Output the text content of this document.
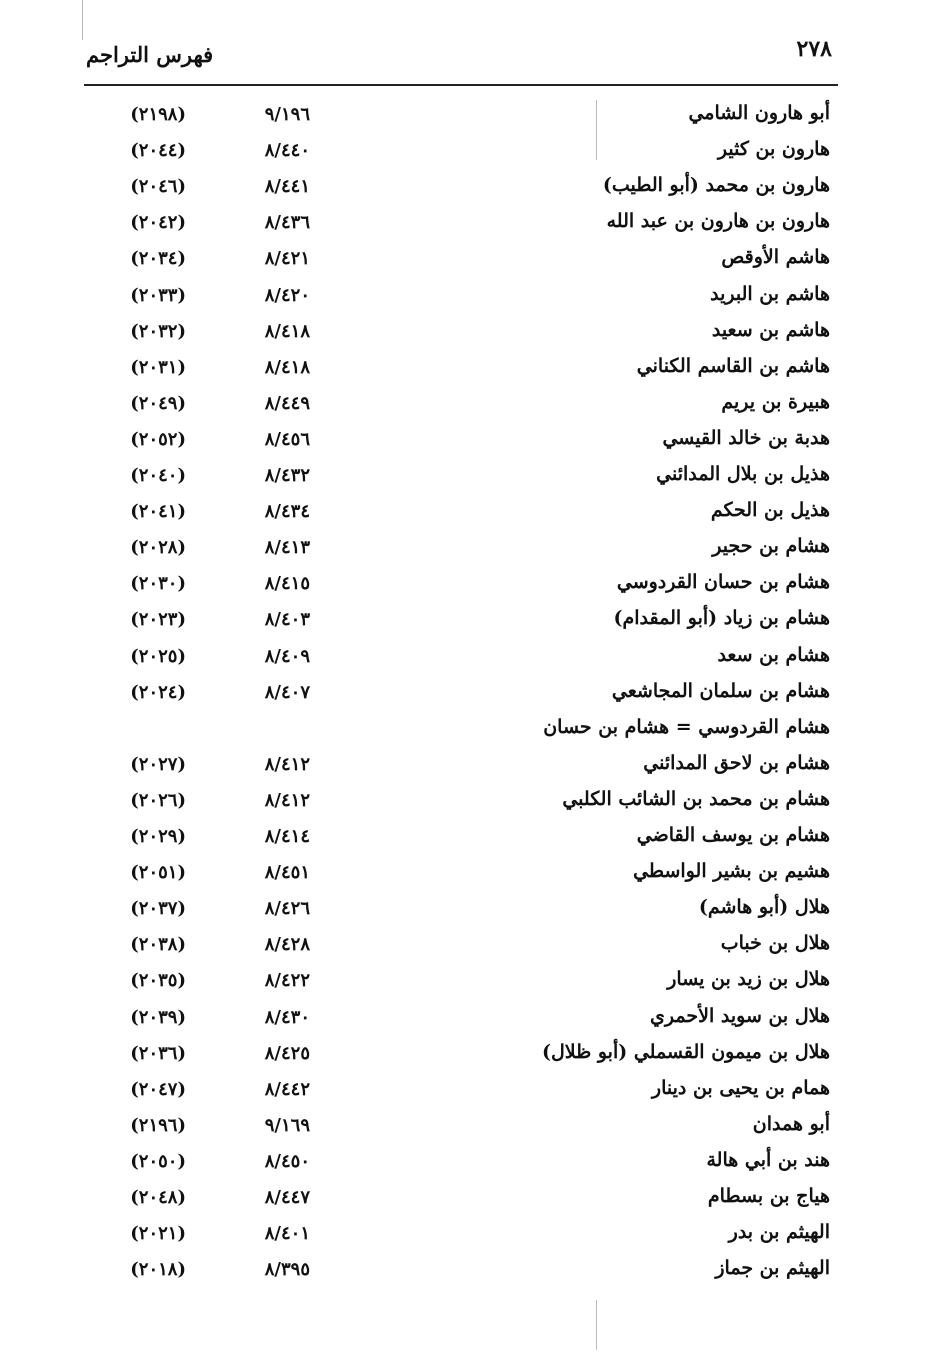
٢٧٨
فهرس التراجم
أبو هارون الشامي
٩/١٩٦
(٢١٩٨)
هارون بن كثير
٨/٤٤٠
(٢٠٤٤)
هارون بن محمد (أبو الطيب)
٨/٤٤١
(٢٠٤٦)
هارون بن هارون بن عبد الله
٨/٤٣٦
(٢٠٤٢)
هاشم الأوقص
٨/٤٢١
(٢٠٣٤)
هاشم بن البريد
٨/٤٢٠
(٢٠٣٣)
هاشم بن سعيد
٨/٤١٨
(٢٠٣٢)
هاشم بن القاسم الكناني
٨/٤١٨
(٢٠٣١)
هبيرة بن يريم
٨/٤٤٩
(٢٠٤٩)
هدبة بن خالد القيسي
٨/٤٥٦
(٢٠٥٢)
هذيل بن بلال المدائني
٨/٤٣٢
(٢٠٤٠)
هذيل بن الحكم
٨/٤٣٤
(٢٠٤١)
هشام بن حجير
٨/٤١٣
(٢٠٢٨)
هشام بن حسان القردوسي
٨/٤١٥
(٢٠٣٠)
هشام بن زياد (أبو المقدام)
٨/٤٠٣
(٢٠٢٣)
هشام بن سعد
٨/٤٠٩
(٢٠٢٥)
هشام بن سلمان المجاشعي
٨/٤٠٧
(٢٠٢٤)
هشام القردوسي = هشام بن حسان
هشام بن لاحق المدائني
٨/٤١٢
(٢٠٢٧)
هشام بن محمد بن الشائب الكلبي
٨/٤١٢
(٢٠٢٦)
هشام بن يوسف القاضي
٨/٤١٤
(٢٠٢٩)
هشيم بن بشير الواسطي
٨/٤٥١
(٢٠٥١)
هلال (أبو هاشم)
٨/٤٢٦
(٢٠٣٧)
هلال بن خباب
٨/٤٢٨
(٢٠٣٨)
هلال بن زيد بن يسار
٨/٤٢٢
(٢٠٣٥)
هلال بن سويد الأحمري
٨/٤٣٠
(٢٠٣٩)
هلال بن ميمون القسملي (أبو ظلال)
٨/٤٢٥
(٢٠٣٦)
همام بن يحيى بن دينار
٨/٤٤٢
(٢٠٤٧)
أبو همدان
٩/١٦٩
(٢١٩٦)
هند بن أبي هالة
٨/٤٥٠
(٢٠٥٠)
هياج بن بسطام
٨/٤٤٧
(٢٠٤٨)
الهيثم بن بدر
٨/٤٠١
(٢٠٢١)
الهيثم بن جماز
٨/٣٩٥
(٢٠١٨)
